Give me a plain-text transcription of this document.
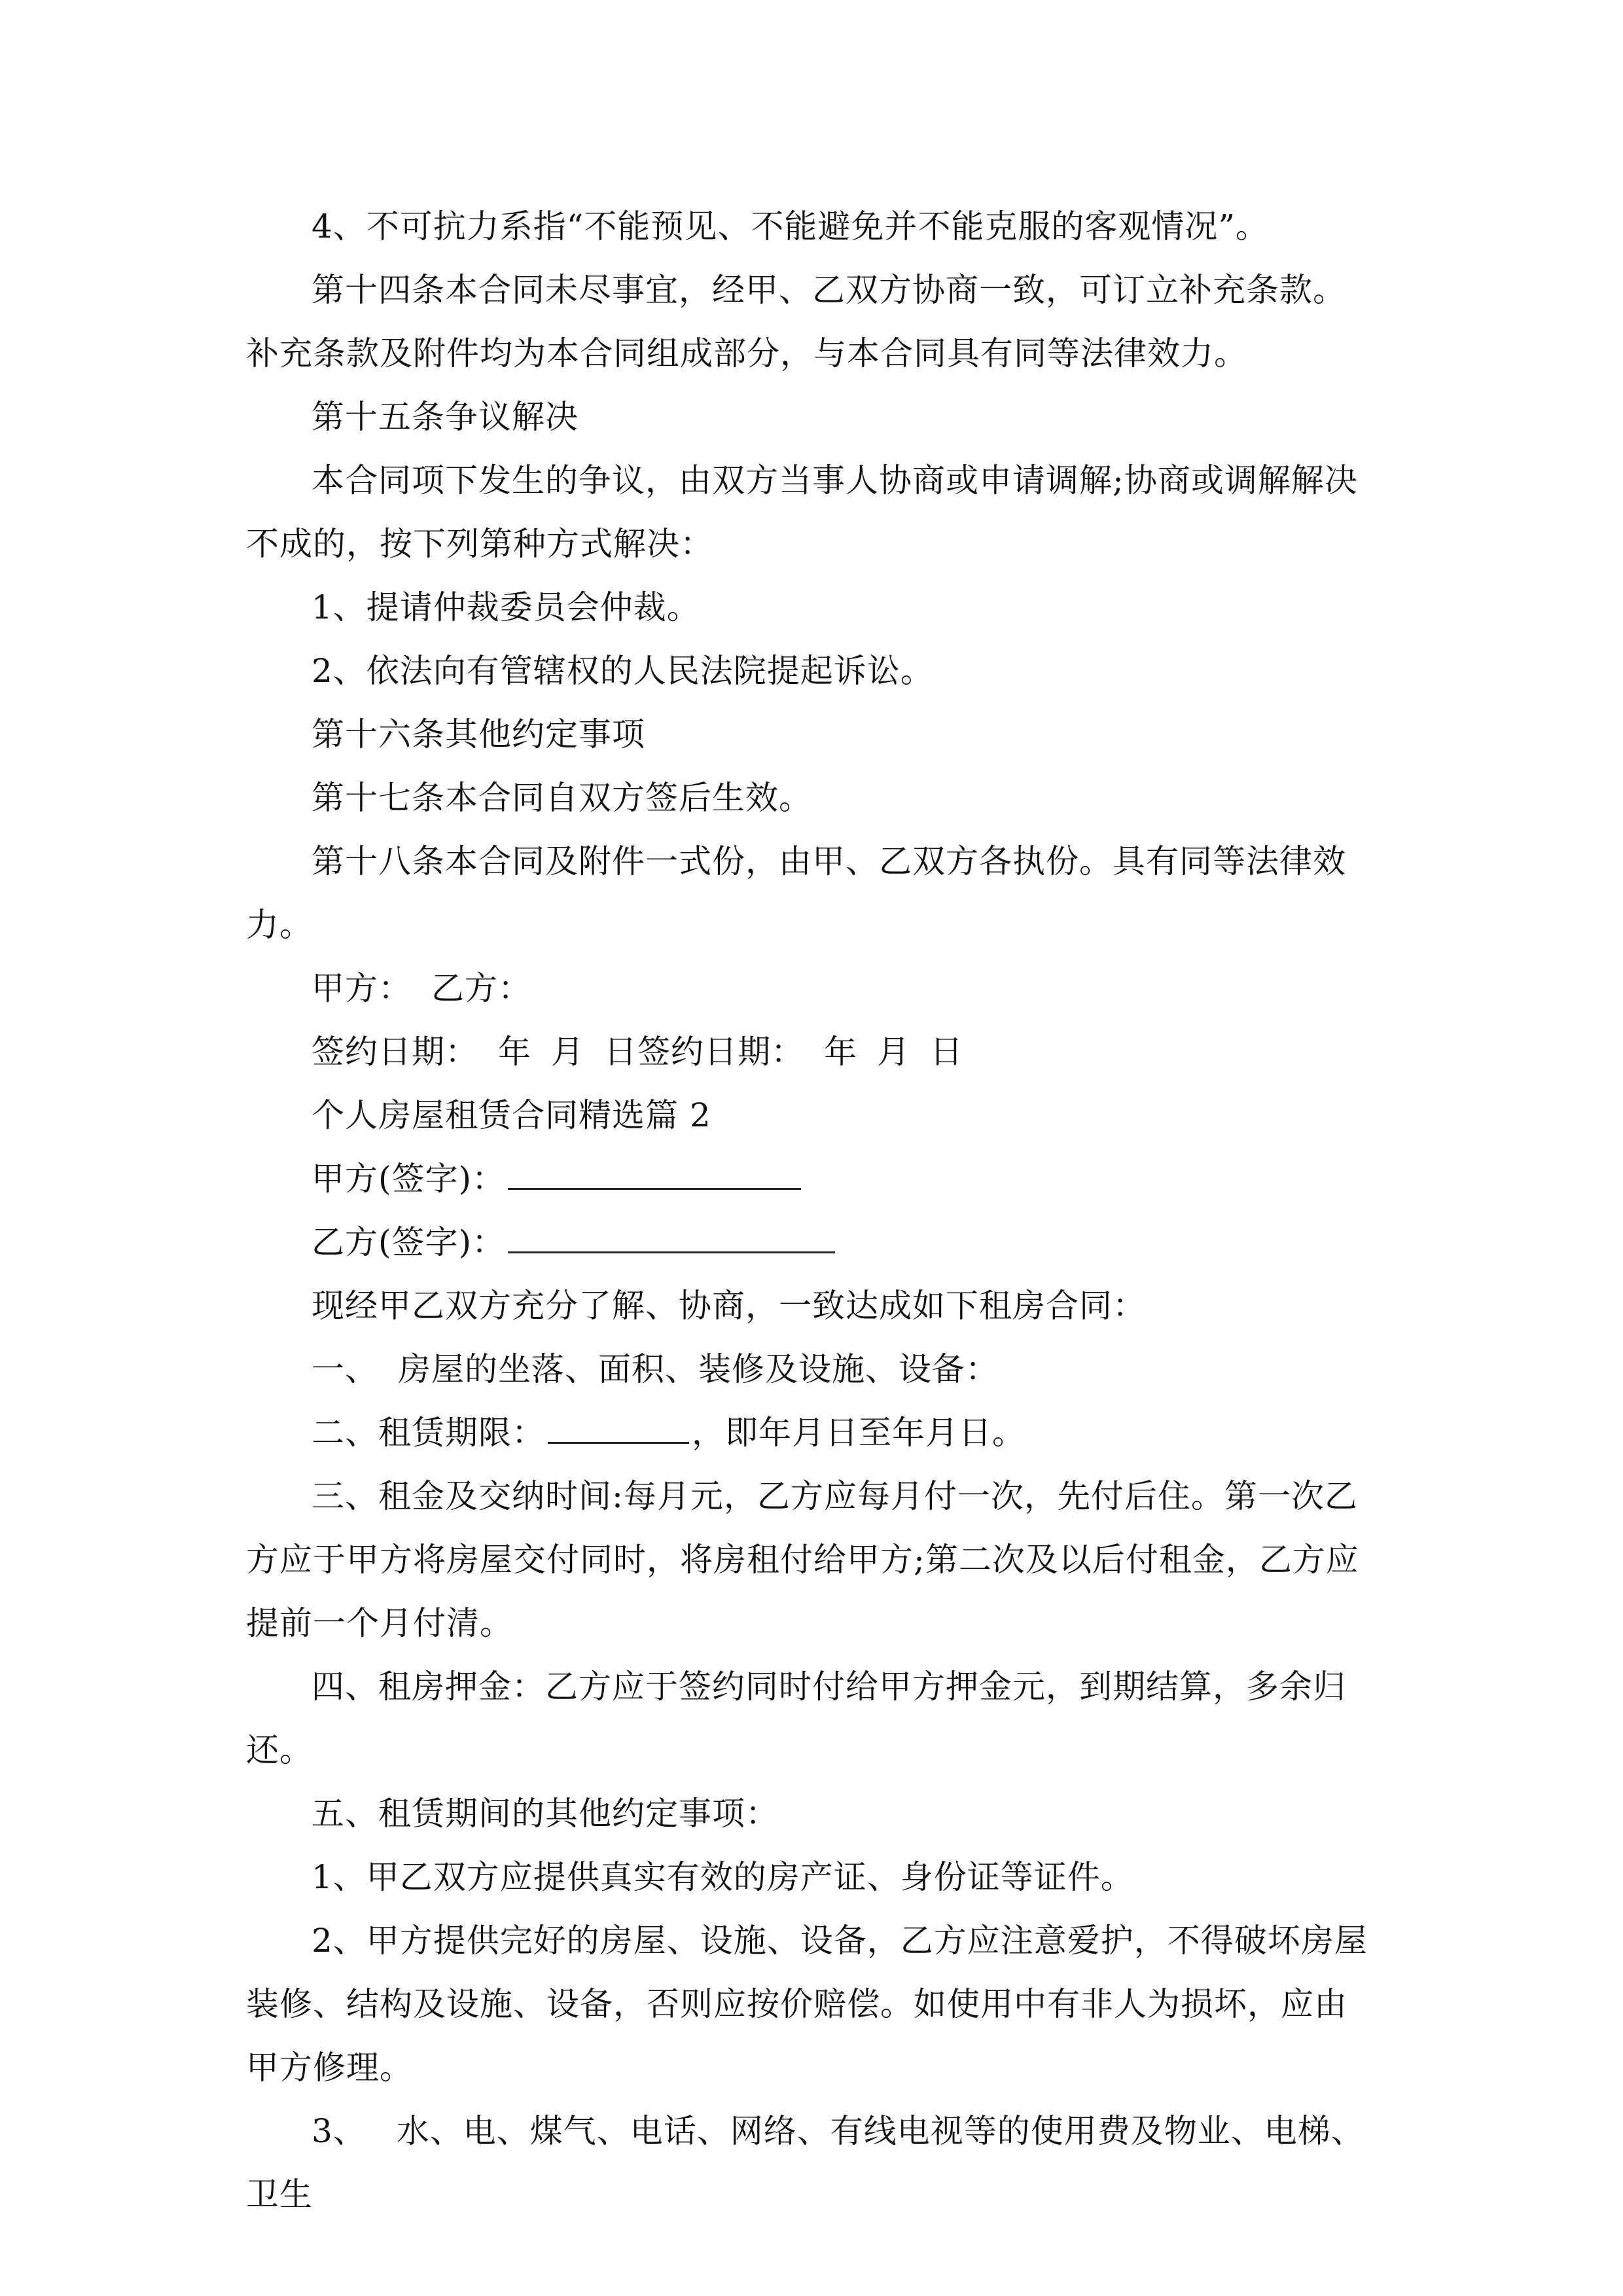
4、不可抗力系指“不能预见、不能避免并不能克服的客观情况”。

第十四条本合同未尽事宜，经甲、乙双方协商一致，可订立补充条款。补充条款及附件均为本合同组成部分，与本合同具有同等法律效力。

第十五条争议解决

本合同项下发生的争议，由双方当事人协商或申请调解;协商或调解解决不成的，按下列第种方式解决：

1、提请仲裁委员会仲裁。

2、依法向有管辖权的人民法院提起诉讼。

第十六条其他约定事项

第十七条本合同自双方签后生效。

第十八条本合同及附件一式份，由甲、乙双方各执份。具有同等法律效力。

甲方： 乙方：

签约日期： 年 月 日签约日期： 年 月 日

个人房屋租赁合同精选篇 2

甲方(签字)：

乙方(签字)：

现经甲乙双方充分了解、协商，一致达成如下租房合同：

一、 房屋的坐落、面积、装修及设施、设备：

二、租赁期限：	，即年月日至年月日。

三、租金及交纳时间:每月元，乙方应每月付一次，先付后住。第一次乙方应于甲方将房屋交付同时，将房租付给甲方;第二次及以后付租金，乙方应提前一个月付清。

四、租房押金：乙方应于签约同时付给甲方押金元，到期结算，多余归还。

五、租赁期间的其他约定事项：

1、甲乙双方应提供真实有效的房产证、身份证等证件。

2、甲方提供完好的房屋、设施、设备，乙方应注意爱护，不得破坏房屋装修、结构及设施、设备，否则应按价赔偿。如使用中有非人为损坏，应由甲方修理。

3、 水、电、煤气、电话、网络、有线电视等的使用费及物业、电梯、卫生
